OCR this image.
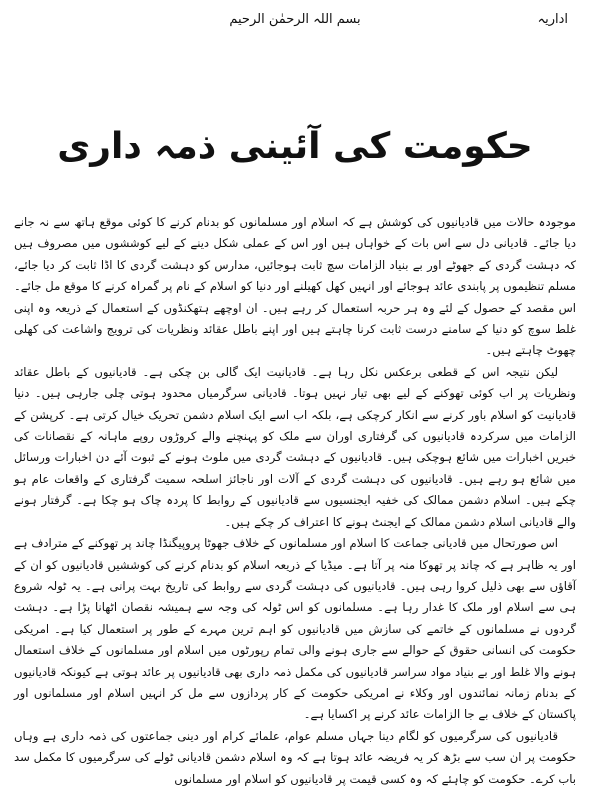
اداریہ
بسم اللہ الرحمٰن الرحیم
حکومت کی آئینی ذمہ داری

موجودہ حالات میں قادیانیوں کی کوشش ہے کہ اسلام اور مسلمانوں کو بدنام کرنے کا کوئی موقع ہاتھ سے نہ جانے دیا جائے۔ قادیانی دل سے اس بات کے خواہاں ہیں اور اس کے عملی شکل دینے کے لیے کوششوں میں مصروف ہیں کہ دہشت گردی کے جھوٹے اور بے بنیاد الزامات سچ ثابت ہوجائیں، مدارس کو دہشت گردی کا اڈا ثابت کر دیا جائے، مسلم تنظیموں پر پابندی عائد ہوجائے اور انہیں کھل کھیلنے اور دنیا کو اسلام کے نام پر گمراہ کرنے کا موقع مل جائے۔ اس مقصد کے حصول کے لئے وہ ہر حربہ استعمال کر رہے ہیں۔ ان اوچھے ہتھکنڈوں کے استعمال کے ذریعہ وہ اپنی غلط سوچ کو دنیا کے سامنے درست ثابت کرنا چاہتے ہیں اور اپنے باطل عقائد ونظریات کی ترویج واشاعت کی کھلی چھوٹ چاہتے ہیں۔

لیکن نتیجہ اس کے قطعی برعکس نکل رہا ہے۔ قادیانیت ایک گالی بن چکی ہے۔ قادیانیوں کے باطل عقائد ونظریات پر اب کوئی تھوکنے کے لیے بھی تیار نہیں ہوتا۔ قادیانی سرگرمیاں محدود ہوتی چلی جارہی ہیں۔ دنیا قادیانیت کو اسلام باور کرنے سے انکار کرچکی ہے، بلکہ اب اسے ایک اسلام دشمن تحریک خیال کرتی ہے۔ کرپشن کے الزامات میں سرکردہ قادیانیوں کی گرفتاری اوران سے ملک کو پہنچنے والے کروڑوں روپے ماہانہ کے نقصانات کی خبریں اخبارات میں شائع ہوچکی ہیں۔ قادیانیوں کے دہشت گردی میں ملوث ہونے کے ثبوت آئے دن اخبارات ورسائل میں شائع ہو رہے ہیں۔ قادیانیوں کی دہشت گردی کے آلات اور ناجائز اسلحہ سمیت گرفتاری کے واقعات عام ہو چکے ہیں۔ اسلام دشمن ممالک کی خفیہ ایجنسیوں سے قادیانیوں کے روابط کا پردہ چاک ہو چکا ہے۔ گرفتار ہونے والے قادیانی اسلام دشمن ممالک کے ایجنٹ ہونے کا اعتراف کر چکے ہیں۔

اس صورتحال میں قادیانی جماعت کا اسلام اور مسلمانوں کے خلاف جھوٹا پروپیگنڈا چاند پر تھوکنے کے مترادف ہے اور یہ ظاہر ہے کہ چاند پر تھوکا منہ پر آتا ہے۔ میڈیا کے ذریعہ اسلام کو بدنام کرنے کی کوششیں قادیانیوں کو ان کے آقاؤں سے بھی ذلیل کروا رہی ہیں۔ قادیانیوں کی دہشت گردی سے روابط کی تاریخ بہت پرانی ہے۔ یہ ٹولہ شروع ہی سے اسلام اور ملک کا غدار رہا ہے۔ مسلمانوں کو اس ٹولہ کی وجہ سے ہمیشہ نقصان اٹھانا پڑا ہے۔ دہشت گردوں نے مسلمانوں کے خاتمے کی سازش میں قادیانیوں کو اہم ترین مہرے کے طور پر استعمال کیا ہے۔ امریکی حکومت کی انسانی حقوق کے حوالے سے جاری ہونے والی تمام رپورٹوں میں اسلام اور مسلمانوں کے خلاف استعمال ہونے والا غلط اور بے بنیاد مواد سراسر قادیانیوں کی مکمل ذمہ داری بھی قادیانیوں پر عائد ہوتی ہے کیونکہ قادیانیوں کے بدنام زمانہ نمائندوں اور وکلاء نے امریکی حکومت کے کار پردازوں سے مل کر انہیں اسلام اور مسلمانوں اور پاکستان کے خلاف بے جا الزامات عائد کرنے پر اکسایا ہے۔

قادیانیوں کی سرگرمیوں کو لگام دینا جہاں مسلم عوام، علمائے کرام اور دینی جماعتوں کی ذمہ داری ہے وہاں حکومت پر ان سب سے بڑھ کر یہ فریضہ عائد ہوتا ہے کہ وہ اسلام دشمن قادیانی ٹولے کی سرگرمیوں کا مکمل سد باب کرے۔ حکومت کو چاہئے کہ وہ کسی قیمت پر قادیانیوں کو اسلام اور مسلمانوں
